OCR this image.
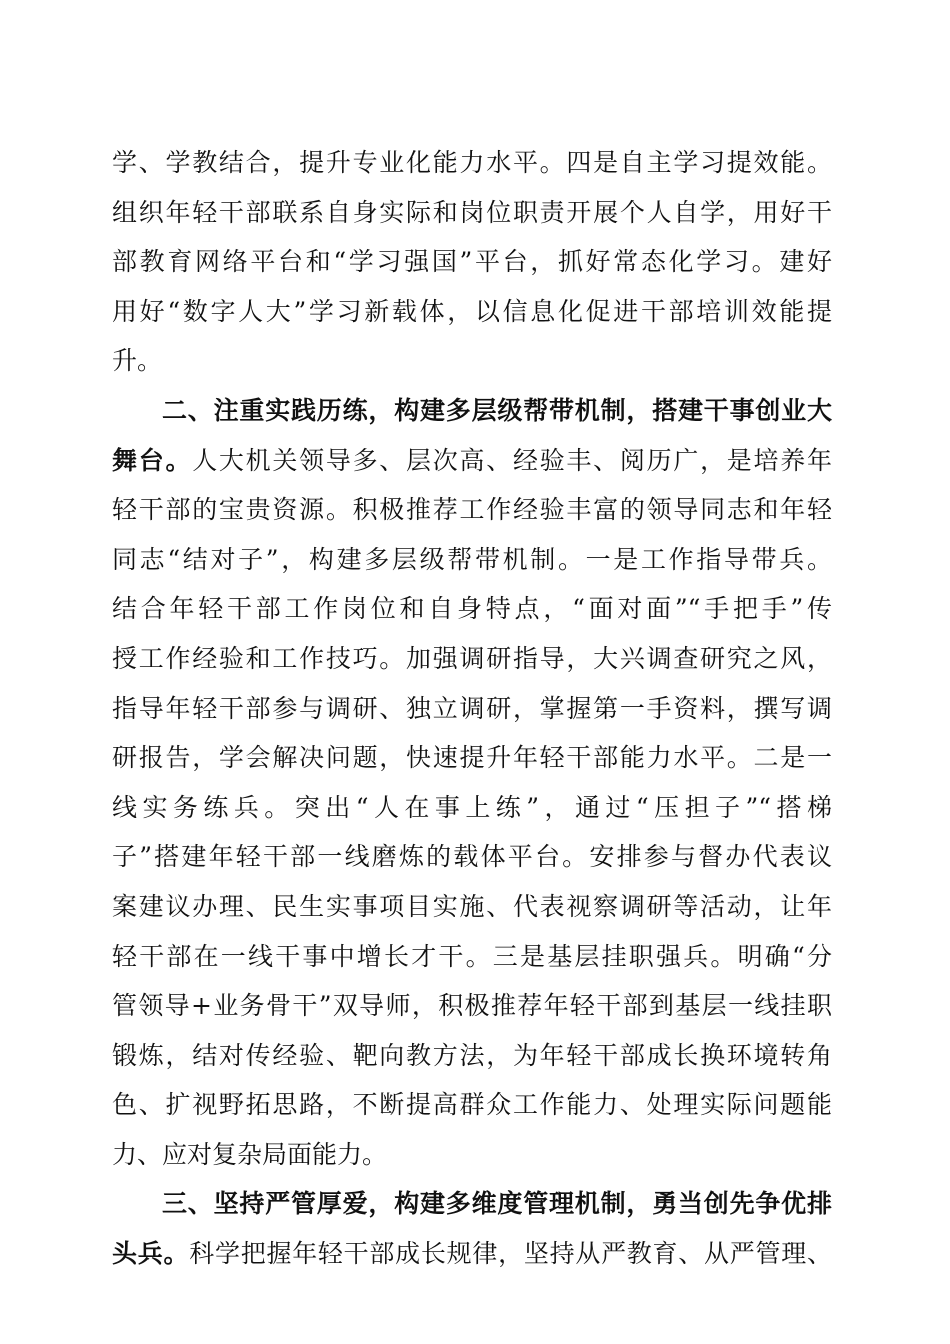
学、学教结合，提升专业化能力水平。四是自主学习提效能。
组织年轻干部联系自身实际和岗位职责开展个人自学，用好干
部教育网络平台和“学习强国”平台，抓好常态化学习。建好
用好“数字人大”学习新载体，以信息化促进干部培训效能提
升。
二、注重实践历练，构建多层级帮带机制，搭建干事创业大
舞台。人大机关领导多、层次高、经验丰、阅历广，是培养年
轻干部的宝贵资源。积极推荐工作经验丰富的领导同志和年轻
同志“结对子”，构建多层级帮带机制。一是工作指导带兵。
结合年轻干部工作岗位和自身特点，“面对面”“手把手”传
授工作经验和工作技巧。加强调研指导，大兴调查研究之风，
指导年轻干部参与调研、独立调研，掌握第一手资料，撰写调
研报告，学会解决问题，快速提升年轻干部能力水平。二是一
线实务练兵。突出“人在事上练”，通过“压担子”“搭梯
子”搭建年轻干部一线磨炼的载体平台。安排参与督办代表议
案建议办理、民生实事项目实施、代表视察调研等活动，让年
轻干部在一线干事中增长才干。三是基层挂职强兵。明确“分
管领导+业务骨干”双导师，积极推荐年轻干部到基层一线挂职
锻炼，结对传经验、靶向教方法，为年轻干部成长换环境转角
色、扩视野拓思路，不断提高群众工作能力、处理实际问题能
力、应对复杂局面能力。
三、坚持严管厚爱，构建多维度管理机制，勇当创先争优排
头兵。科学把握年轻干部成长规律，坚持从严教育、从严管理、
